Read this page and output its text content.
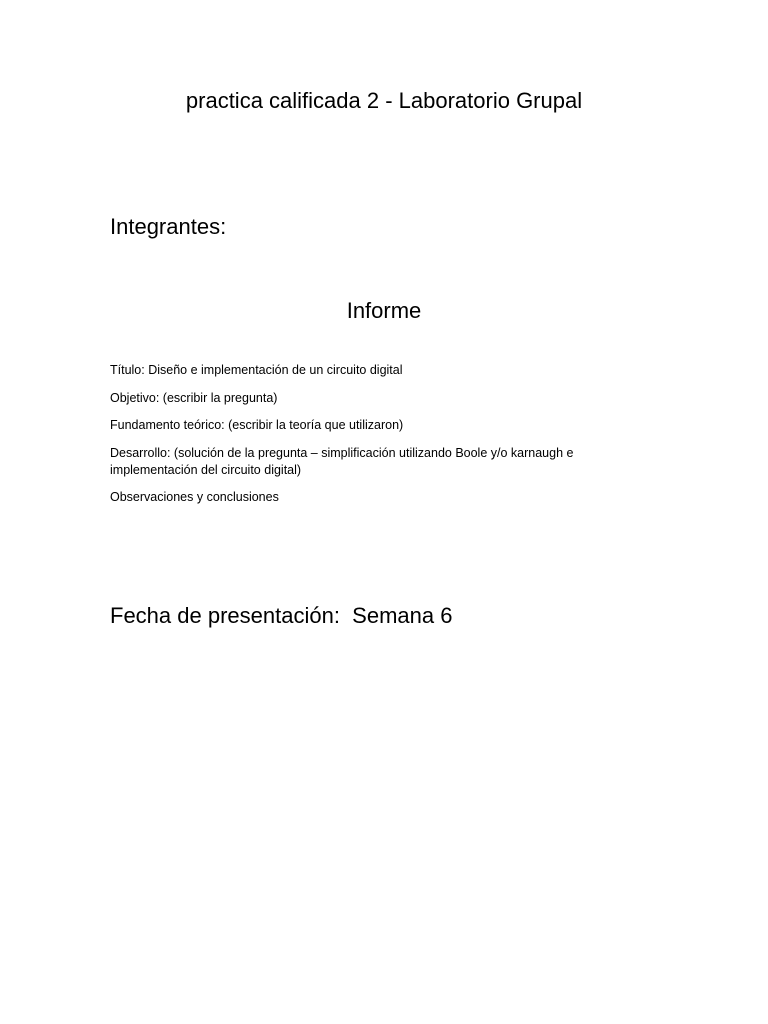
practica calificada 2 - Laboratorio Grupal
Integrantes:
Informe
Título: Diseño e implementación de un circuito digital
Objetivo: (escribir la pregunta)
Fundamento teórico: (escribir la teoría que utilizaron)
Desarrollo: (solución de la pregunta – simplificación utilizando Boole y/o karnaugh e implementación del circuito digital)
Observaciones y conclusiones
Fecha de presentación: Semana 6
